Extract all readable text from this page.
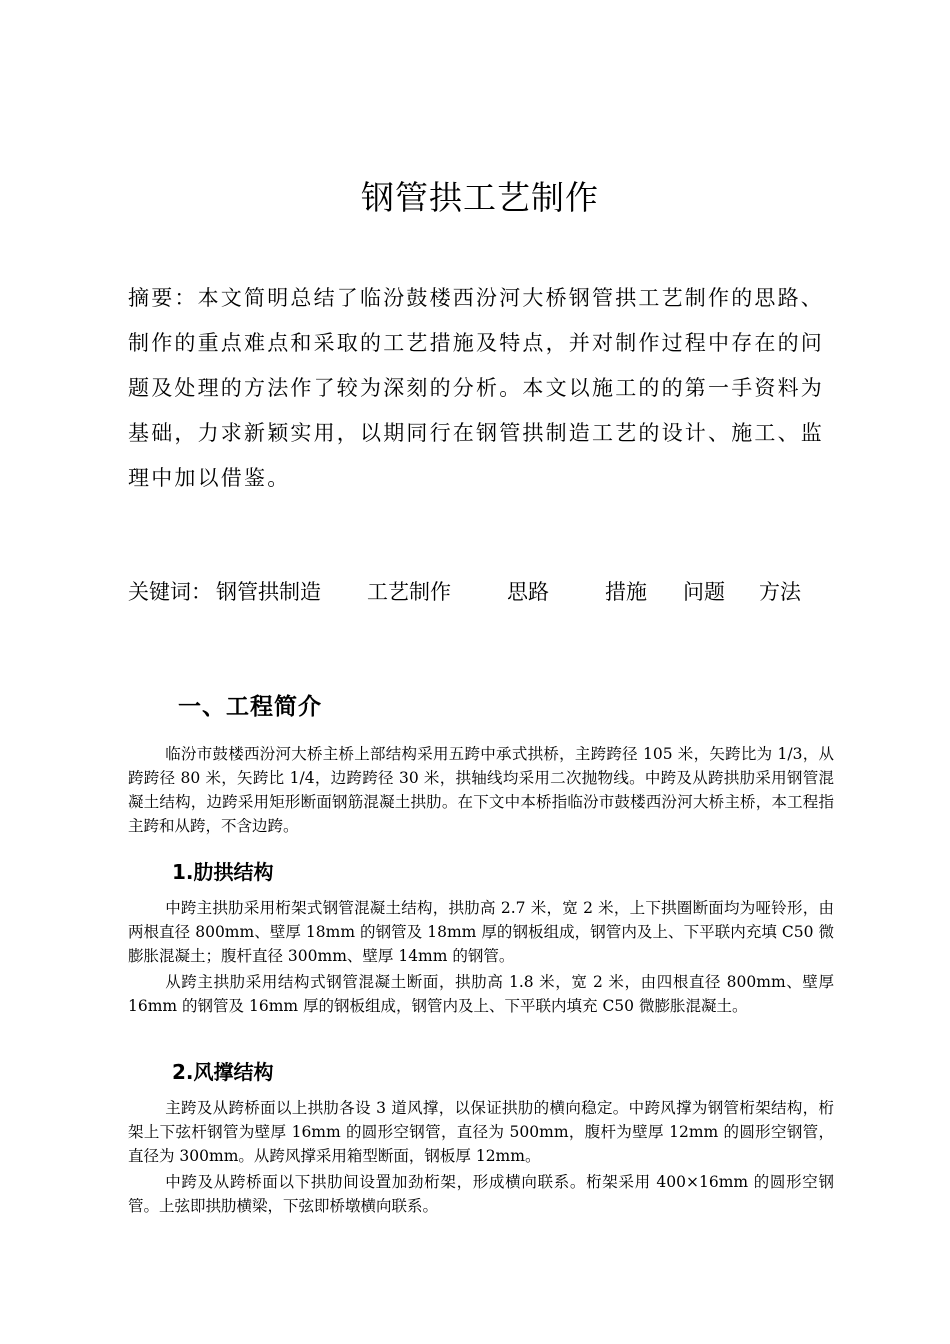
钢管拱工艺制作
摘要：本文简明总结了临汾鼓楼西汾河大桥钢管拱工艺制作的思路、制作的重点难点和采取的工艺措施及特点，并对制作过程中存在的问题及处理的方法作了较为深刻的分析。本文以施工的的第一手资料为基础，力求新颖实用，以期同行在钢管拱制造工艺的设计、施工、监理中加以借鉴。
关键词： 钢管拱制造 工艺制作	思路	措施 问题 方法
一、工程简介
临汾市鼓楼西汾河大桥主桥上部结构采用五跨中承式拱桥，主跨跨径 105 米，矢跨比为 1/3，从跨跨径 80 米，矢跨比 1/4，边跨跨径 30 米，拱轴线均采用二次抛物线。中跨及从跨拱肋采用钢管混凝土结构，边跨采用矩形断面钢筋混凝土拱肋。在下文中本桥指临汾市鼓楼西汾河大桥主桥，本工程指主跨和从跨，不含边跨。
1.肋拱结构
中跨主拱肋采用桁架式钢管混凝土结构，拱肋高 2.7 米，宽 2 米，上下拱圈断面均为哑铃形，由两根直径 800mm、壁厚 18mm 的钢管及 18mm 厚的钢板组成，钢管内及上、下平联内充填 C50 微膨胀混凝土；腹杆直径 300mm、壁厚 14mm 的钢管。
从跨主拱肋采用结构式钢管混凝土断面，拱肋高 1.8 米，宽 2 米，由四根直径 800mm、壁厚 16mm 的钢管及 16mm 厚的钢板组成，钢管内及上、下平联内填充 C50 微膨胀混凝土。
2.风撑结构
主跨及从跨桥面以上拱肋各设 3 道风撑，以保证拱肋的横向稳定。中跨风撑为钢管桁架结构，桁架上下弦杆钢管为壁厚 16mm 的圆形空钢管，直径为 500mm，腹杆为壁厚 12mm 的圆形空钢管，直径为 300mm。从跨风撑采用箱型断面，钢板厚 12mm。
中跨及从跨桥面以下拱肋间设置加劲桁架，形成横向联系。桁架采用 400×16mm 的圆形空钢管。上弦即拱肋横梁，下弦即桥墩横向联系。
